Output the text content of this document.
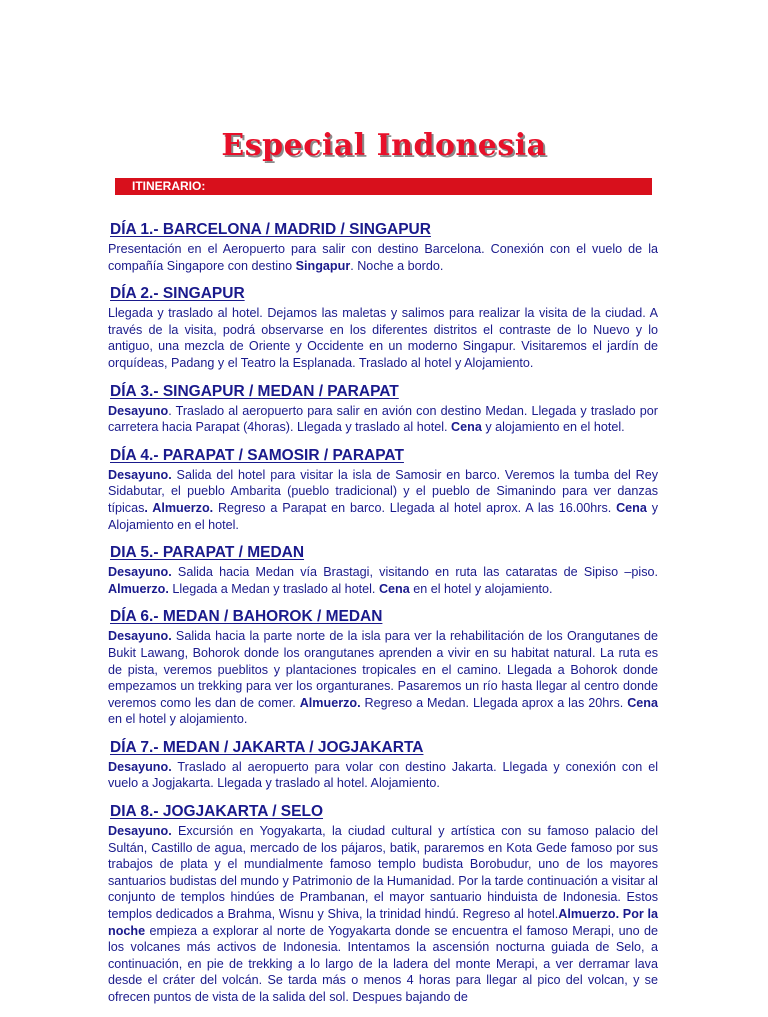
Especial Indonesia
ITINERARIO:
DÍA 1.- BARCELONA / MADRID / SINGAPUR

Presentación en el Aeropuerto para salir con destino Barcelona. Conexión con el vuelo de la compañía Singapore con destino Singapur. Noche a bordo.

DÍA 2.- SINGAPUR

Llegada y traslado al hotel. Dejamos las maletas y salimos para realizar la visita de la ciudad. A través de la visita, podrá observarse en los diferentes distritos el contraste de lo Nuevo y lo antiguo, una mezcla de Oriente y Occidente en un moderno Singapur. Visitaremos el jardín de orquídeas, Padang y el Teatro la Esplanada. Traslado al hotel y Alojamiento.

DÍA 3.- SINGAPUR / MEDAN / PARAPAT

Desayuno. Traslado al aeropuerto para salir en avión con destino Medan. Llegada y traslado por carretera hacia Parapat (4horas). Llegada y traslado al hotel. Cena y alojamiento en el hotel.

DÍA 4.- PARAPAT / SAMOSIR / PARAPAT

Desayuno. Salida del hotel para visitar la isla de Samosir en barco. Veremos la tumba del Rey Sidabutar, el pueblo Ambarita (pueblo tradicional) y el pueblo de Simanindo para ver danzas típicas. Almuerzo. Regreso a Parapat en barco. Llegada al hotel aprox. A las 16.00hrs. Cena y Alojamiento en el hotel.

DIA 5.- PARAPAT / MEDAN

Desayuno. Salida hacia Medan vía Brastagi, visitando en ruta las cataratas de Sipiso –piso. Almuerzo. Llegada a Medan y traslado al hotel. Cena en el hotel y alojamiento.

DÍA 6.- MEDAN / BAHOROK / MEDAN

Desayuno. Salida hacia la parte norte de la isla para ver la rehabilitación de los Orangutanes de Bukit Lawang, Bohorok donde los orangutanes aprenden a vivir en su habitat natural. La ruta es de pista, veremos pueblitos y plantaciones tropicales en el camino. Llegada a Bohorok donde empezamos un trekking para ver los organturanes. Pasaremos un río hasta llegar al centro donde veremos como les dan de comer. Almuerzo. Regreso a Medan. Llegada aprox a las 20hrs. Cena en el hotel y alojamiento.

DÍA 7.- MEDAN / JAKARTA / JOGJAKARTA

Desayuno. Traslado al aeropuerto para volar con destino Jakarta. Llegada y conexión con el vuelo a Jogjakarta. Llegada y traslado al hotel. Alojamiento.

DIA 8.- JOGJAKARTA / SELO

Desayuno. Excursión en Yogyakarta, la ciudad cultural y artística con su famoso palacio del Sultán, Castillo de agua, mercado de los pájaros, batik, pararemos en Kota Gede famoso por sus trabajos de plata y el mundialmente famoso templo budista Borobudur, uno de los mayores santuarios budistas del mundo y Patrimonio de la Humanidad. Por la tarde continuación a visitar al conjunto de templos hindúes de Prambanan, el mayor santuario hinduista de Indonesia. Estos templos dedicados a Brahma, Wisnu y Shiva, la trinidad hindú. Regreso al hotel.Almuerzo. Por la noche empieza a explorar al norte de Yogyakarta donde se encuentra el famoso Merapi, uno de los volcanes más activos de Indonesia. Intentamos la ascensión nocturna guiada de Selo, a continuación, en pie de trekking a lo largo de la ladera del monte Merapi, a ver derramar lava desde el cráter del volcán. Se tarda más o menos 4 horas para llegar al pico del volcan, y se ofrecen puntos de vista de la salida del sol. Despues bajando de
